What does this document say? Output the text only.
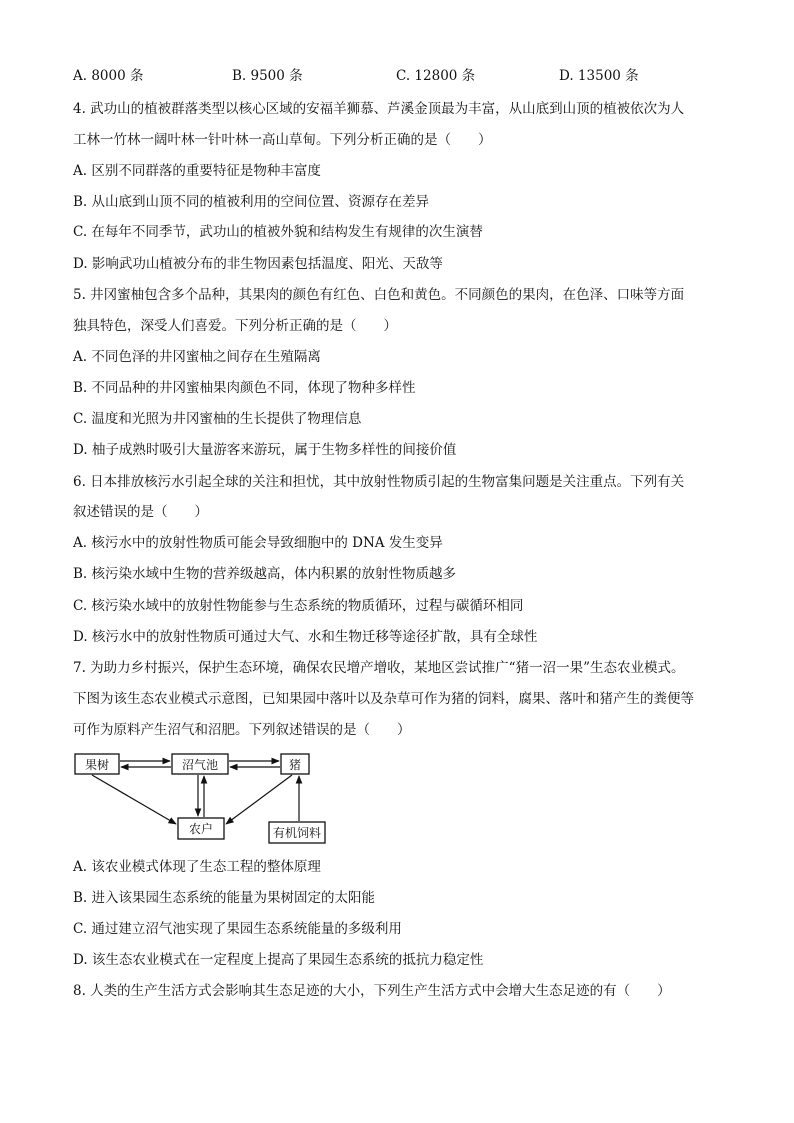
A. 8000 条	B. 9500 条	C. 12800 条	D. 13500 条
4. 武功山的植被群落类型以核心区域的安福羊狮慕、芦溪金顶最为丰富，从山底到山顶的植被依次为人
工林一竹林一阔叶林一针叶林一高山草甸。下列分析正确的是（　　）
A. 区别不同群落的重要特征是物种丰富度
B. 从山底到山顶不同的植被利用的空间位置、资源存在差异
C. 在每年不同季节，武功山的植被外貌和结构发生有规律的次生演替
D. 影响武功山植被分布的非生物因素包括温度、阳光、天敌等
5. 井冈蜜柚包含多个品种，其果肉的颜色有红色、白色和黄色。不同颜色的果肉，在色泽、口味等方面
独具特色，深受人们喜爱。下列分析正确的是（　　）
A. 不同色泽的井冈蜜柚之间存在生殖隔离
B. 不同品种的井冈蜜柚果肉颜色不同，体现了物种多样性
C. 温度和光照为井冈蜜柚的生长提供了物理信息
D. 柚子成熟时吸引大量游客来游玩，属于生物多样性的间接价值
6. 日本排放核污水引起全球的关注和担忧，其中放射性物质引起的生物富集问题是关注重点。下列有关
叙述错误的是（　　）
A. 核污水中的放射性物质可能会导致细胞中的 DNA 发生变异
B. 核污染水域中生物的营养级越高，体内积累的放射性物质越多
C. 核污染水域中的放射性物能参与生态系统的物质循环，过程与碳循环相同
D. 核污水中的放射性物质可通过大气、水和生物迁移等途径扩散，具有全球性
7. 为助力乡村振兴，保护生态环境，确保农民增产增收，某地区尝试推广“猪一沼一果”生态农业模式。
下图为该生态农业模式示意图，已知果园中落叶以及杂草可作为猪的饲料，腐果、落叶和猪产生的粪便等
可作为原料产生沼气和沼肥。下列叙述错误的是（　　）
果树	沼气池	猪
农户	有机饲料
A. 该农业模式体现了生态工程的整体原理
B. 进入该果园生态系统的能量为果树固定的太阳能
C. 通过建立沼气池实现了果园生态系统能量的多级利用
D. 该生态农业模式在一定程度上提高了果园生态系统的抵抗力稳定性
8. 人类的生产生活方式会影响其生态足迹的大小，下列生产生活方式中会增大生态足迹的有（　　）
